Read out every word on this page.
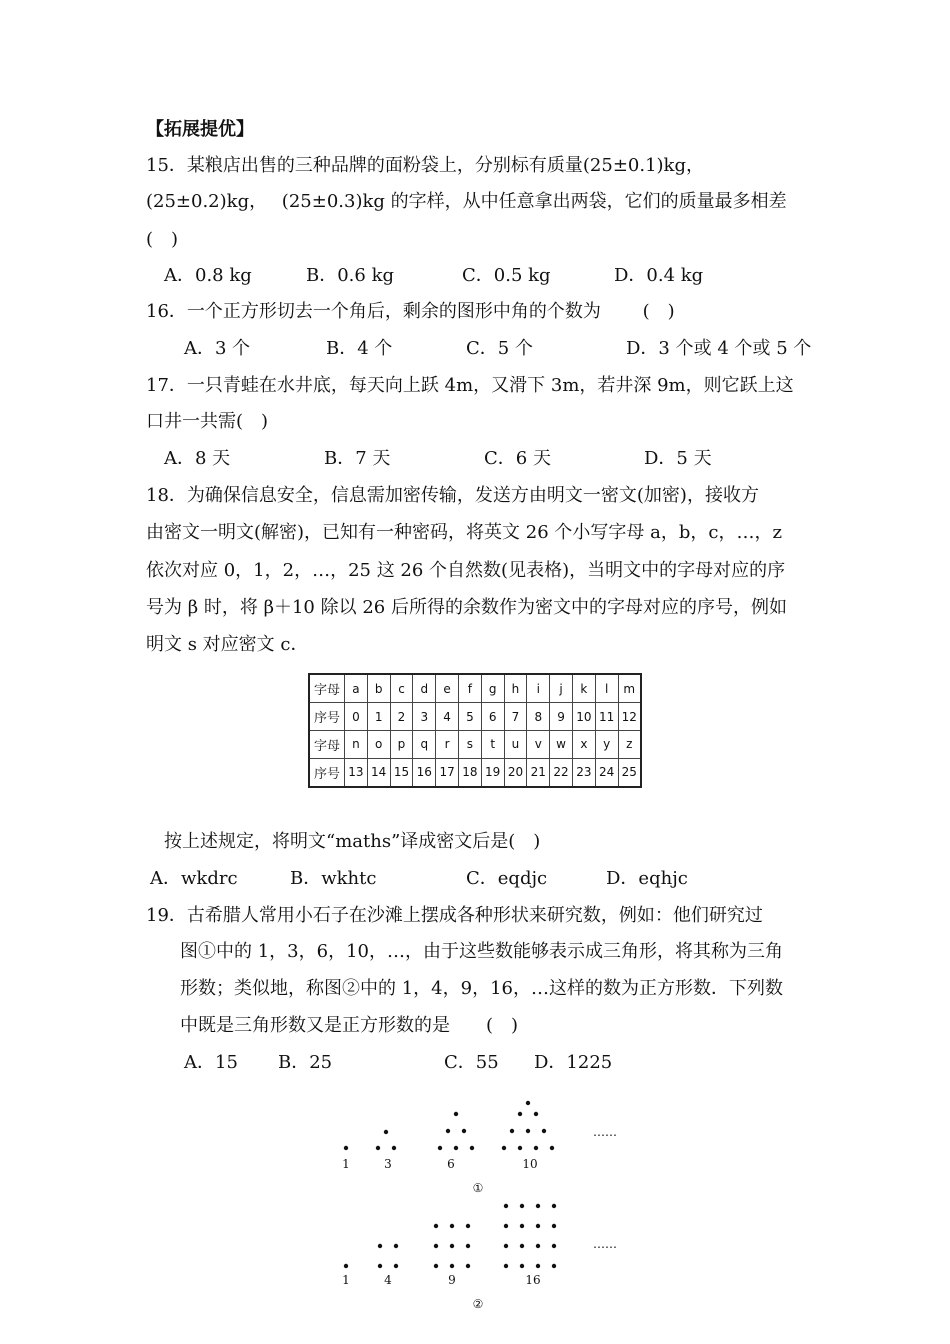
【拓展提优】
15．某粮店出售的三种品牌的面粉袋上，分别标有质量(25±0.1)kg，
(25±0.2)kg，　 (25±0.3)kg 的字样，从中任意拿出两袋，它们的质量最多相差
(　)
A．0.8 kg	B．0.6 kg	C．0.5 kg	D．0.4 kg
16．一个正方形切去一个角后，剩余的图形中角的个数为　　 (　)
A．3 个	B．4 个	C．5 个	D．3 个或 4 个或 5 个
17．一只青蛙在水井底，每天向上跃 4m，又滑下 3m，若井深 9m，则它跃上这
口井一共需(　)
A．8 天	B．7 天	C．6 天	D．5 天
18．为确保信息安全，信息需加密传输，发送方由明文一密文(加密)，接收方
由密文一明文(解密)，已知有一种密码，将英文 26 个小写字母 a，b，c，…，z
依次对应 0，1，2，…，25 这 26 个自然数(见表格)，当明文中的字母对应的序
号为 β 时，将 β＋10 除以 26 后所得的余数作为密文中的字母对应的序号，例如
明文 s 对应密文 c．
字母	a	b	c	d	e	f	g	h	i	j	k	l	m
序号	0	1	2	3	4	5	6	7	8	9	10	11	12
字母	n	o	p	q	r	s	t	u	v	w	x	y	z
序号	13	14	15	16	17	18	19	20	21	22	23	24	25
按上述规定，将明文“maths”译成密文后是(　)
A．wkdrc	B．wkhtc	C．eqdjc	D．eqhjc
19．古希腊人常用小石子在沙滩上摆成各种形状来研究数，例如：他们研究过
图①中的 1，3，6，10，…，由于这些数能够表示成三角形，将其称为三角
形数；类似地，称图②中的 1，4，9，16，…这样的数为正方形数．下列数
中既是三角形数又是正方形数的是　　(　)
A．15 B．25	C．55 D．1225
1	3	6	10
……
①
1	4	9	16
……
②
